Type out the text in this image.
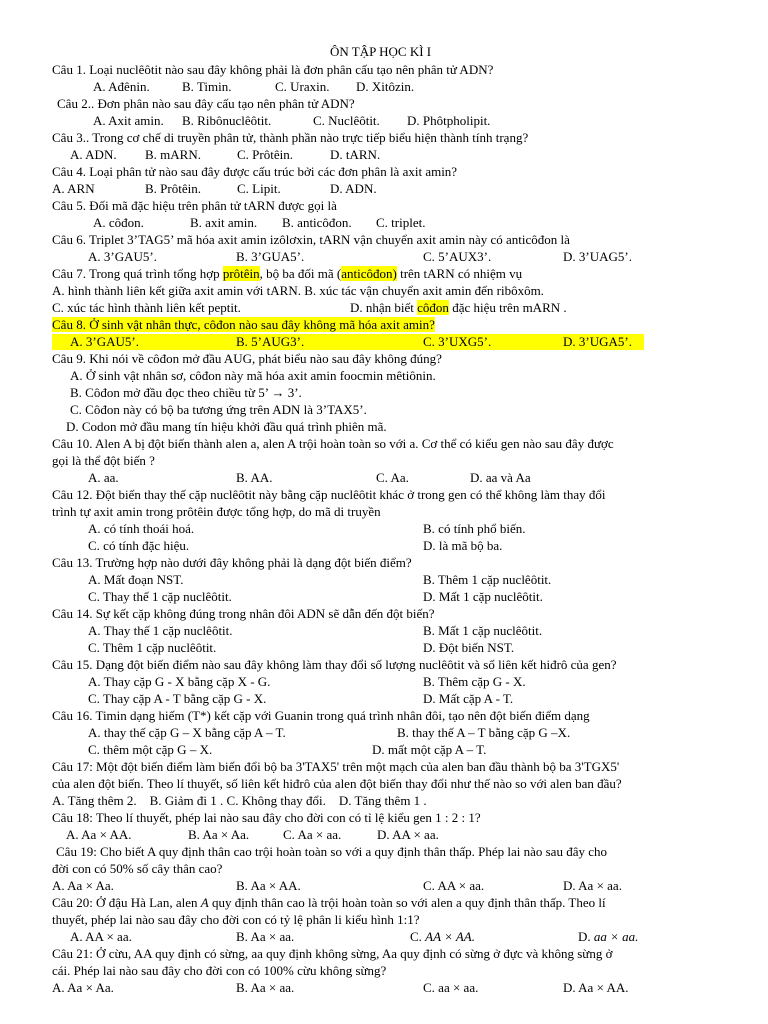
ÔN TẬP HỌC KÌ I
Câu 1. Loại nuclêôtit nào sau đây không phải là đơn phân cấu tạo nên phân tử ADN?
A. Ađênin. B. Timin.	C. Uraxin. D. Xitôzin.
Câu 2.. Đơn phân nào sau đây cấu tạo nên phân tử ADN?
A. Axit amin. B. Ribônuclêôtit.	C. Nuclêôtit. D. Phôtpholipit.
Câu 3.. Trong cơ chế di truyền phân tử, thành phần nào trực tiếp biểu hiện thành tính trạng?
A. ADN. B. mARN.	C. Prôtêin.	D. tARN.
Câu 4. Loại phân tử nào sau đây được cấu trúc bởi các đơn phân là axit amin?
A. ARN	B. Prôtêin.	C. Lipit.	D. ADN.
Câu 5. Đối mã đặc hiệu trên phân tử tARN được gọi là
A. côđon.	B. axit amin. B. anticôđon. C. triplet.
Câu 6. Triplet 3’TAG5’ mã hóa axit amin izôlơxin, tARN vận chuyển axit amin này có anticôđon là
A. 3’GAU5’.	B. 3’GUA5’.	C. 5’AUX3’.	D. 3’UAG5’.
Câu 7. Trong quá trình tổng hợp prôtêin, bộ ba đối mã (anticôđon) trên tARN có nhiệm vụ
A. hình thành liên kết giữa axit amin với tARN. B. xúc tác vận chuyển axit amin đến ribôxôm.
C. xúc tác hình thành liên kết peptit.	D. nhận biết côđon đặc hiệu trên mARN .
Câu 8. Ở sinh vật nhân thực, côđon nào sau đây không mã hóa axit amin?
A. 3’GAU5’.	B. 5’AUG3’.	C. 3’UXG5’.	D. 3’UGA5’.
Câu 9. Khi nói về côđon mở đầu AUG, phát biểu nào sau đây không đúng?
A. Ở sinh vật nhân sơ, côđon này mã hóa axit amin foocmin mêtiônin.
B. Côđon mở đầu đọc theo chiều từ 5’ → 3’.
C. Côđon này có bộ ba tương ứng trên ADN là 3’TAX5’.
D. Codon mở đầu mang tín hiệu khởi đầu quá trình phiên mã.
Câu 10. Alen A bị đột biến thành alen a, alen A trội hoàn toàn so với a. Cơ thể có kiểu gen nào sau đây được
gọi là thể đột biến ?
A. aa.	B. AA.	C. Aa.	D. aa và Aa
Câu 12. Đột biến thay thế cặp nuclêôtit này bằng cặp nuclêôtit khác ở trong gen có thể không làm thay đổi
trình tự axit amin trong prôtêin được tổng hợp, do mã di truyền
A. có tính thoái hoá.	B. có tính phổ biến.
C. có tính đặc hiệu.	D. là mã bộ ba.
Câu 13. Trường hợp nào dưới đây không phải là dạng đột biến điểm?
A. Mất đoạn NST.	B. Thêm 1 cặp nuclêôtit.
C. Thay thế 1 cặp nuclêôtit.	D. Mất 1 cặp nuclêôtit.
Câu 14. Sự kết cặp không đúng trong nhân đôi ADN sẽ dẫn đến đột biến?
A. Thay thế 1 cặp nuclêôtit.	B. Mất 1 cặp nuclêôtit.
C. Thêm 1 cặp nuclêôtit.	D. Đột biến NST.
Câu 15. Dạng đột biến điểm nào sau đây không làm thay đổi số lượng nuclêôtit và số liên kết hiđrô của gen?
A. Thay cặp G - X bằng cặp X - G.	B. Thêm cặp G - X.
C. Thay cặp A - T bằng cặp G - X.	D. Mất cặp A - T.
Câu 16. Timin dạng hiếm (T*) kết cặp với Guanin trong quá trình nhân đôi, tạo nên đột biến điểm dạng
A. thay thế cặp G – X bằng cặp A – T.	B. thay thế A – T bằng cặp G –X.
C. thêm một cặp G – X.	D. mất một cặp A – T.
Câu 17: Một đột biến điểm làm biến đổi bộ ba 3'TAX5' trên một mạch của alen ban đầu thành bộ ba 3'TGX5'
của alen đột biến. Theo lí thuyết, số liên kết hiđrô của alen đột biến thay đổi như thế nào so với alen ban đầu?
A. Tăng thêm 2.    B. Giảm đi 1 . C. Không thay đổi.    D. Tăng thêm 1 .
Câu 18: Theo lí thuyết, phép lai nào sau đây cho đời con có tỉ lệ kiểu gen 1 : 2 : 1?
A. Aa × AA.	B. Aa × Aa.	C. Aa × aa.	D. AA × aa.
Câu 19: Cho biết A quy định thân cao trội hoàn toàn so với a quy định thân thấp. Phép lai nào sau đây cho
đời con có 50% số cây thân cao?
A. Aa × Aa.	B. Aa × AA.	C. AA × aa.	D. Aa × aa.
Câu 20: Ở đậu Hà Lan, alen A quy định thân cao là trội hoàn toàn so với alen a quy định thân thấp. Theo lí
thuyết, phép lai nào sau đây cho đời con có tỷ lệ phân li kiểu hình 1:1?
A. AA × aa.	B. Aa × aa.	C. AA × AA.	D. aa × aa.
Câu 21: Ở cừu, AA quy định có sừng, aa quy định không sừng, Aa quy định có sừng ở đực và không sừng ở
cái. Phép lai nào sau đây cho đời con có 100% cừu không sừng?
A. Aa × Aa.	B. Aa × aa.	C. aa × aa.	D. Aa × AA.
